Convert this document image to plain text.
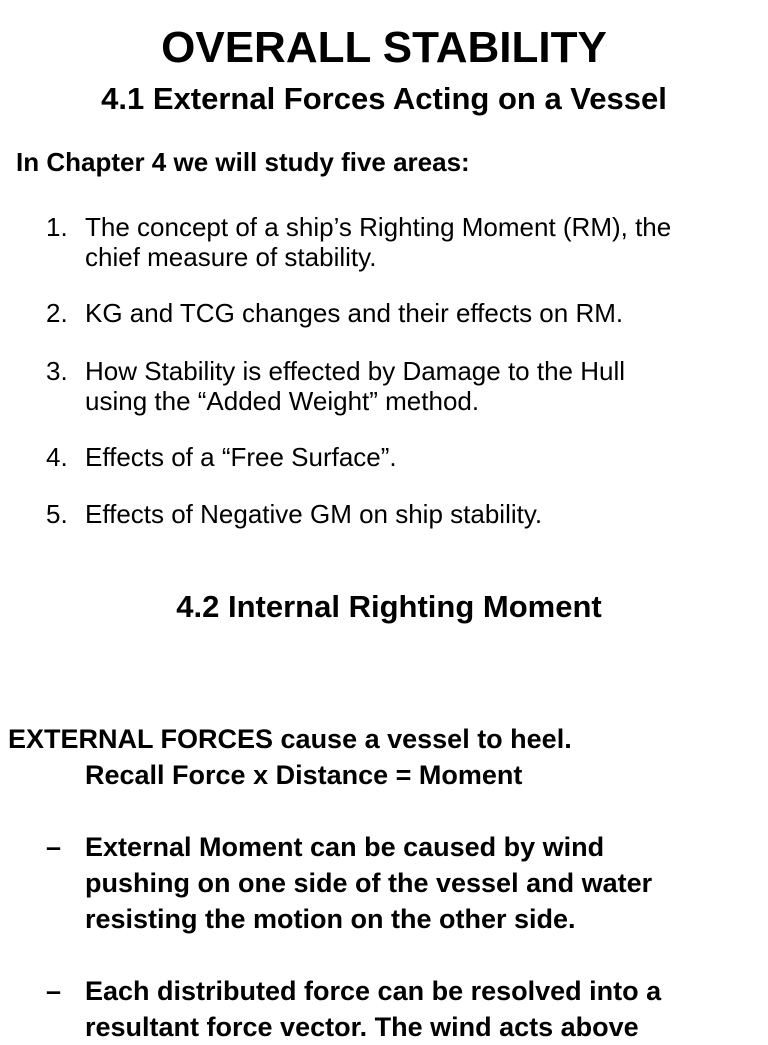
OVERALL STABILITY
4.1 External Forces Acting on a Vessel
In Chapter 4 we will study five areas:
1. The concept of a ship’s Righting Moment (RM), the
chief measure of stability.
2. KG and TCG changes and their effects on RM.
3. How Stability is effected by Damage to the Hull
using the “Added Weight” method.
4. Effects of a “Free Surface”.
5. Effects of Negative GM on ship stability.
4.2 Internal Righting Moment
EXTERNAL FORCES cause a vessel to heel.
Recall Force x Distance = Moment
– External Moment can be caused by wind
pushing on one side of the vessel and water
resisting the motion on the other side.
– Each distributed force can be resolved into a
resultant force vector. The wind acts above
